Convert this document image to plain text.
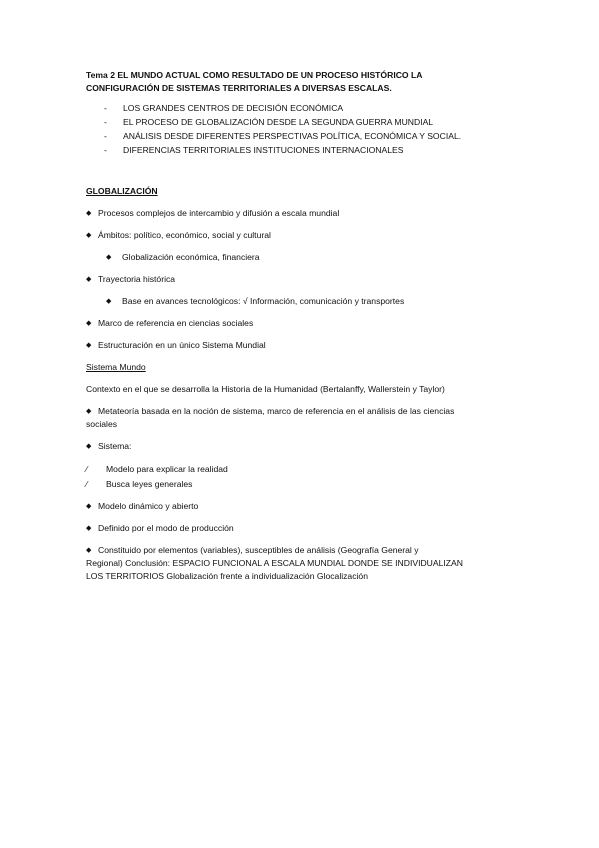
Tema 2 EL MUNDO ACTUAL COMO RESULTADO DE UN PROCESO HISTÓRICO LA
CONFIGURACIÓN DE SISTEMAS TERRITORIALES A DIVERSAS ESCALAS.

-	LOS GRANDES CENTROS DE DECISIÓN ECONÓMICA
-	EL PROCESO DE GLOBALIZACIÓN DESDE LA SEGUNDA GUERRA MUNDIAL
-	ANÁLISIS DESDE DIFERENTES PERSPECTIVAS POLÍTICA, ECONÓMICA Y SOCIAL.
-	DIFERENCIAS TERRITORIALES INSTITUCIONES INTERNACIONALES
GLOBALIZACIÓN
◆ Procesos complejos de intercambio y difusión a escala mundial
◆ Ámbitos: político, económico, social y cultural
◆	Globalización económica, financiera
◆ Trayectoria histórica
◆	Base en avances tecnológicos: √ Información, comunicación y transportes
◆ Marco de referencia en ciencias sociales
◆ Estructuración en un único Sistema Mundial
Sistema Mundo
Contexto en el que se desarrolla la Historia de la Humanidad (Bertalanffy, Wallerstein y Taylor)
◆ Metateoría basada en la noción de sistema, marco de referencia en el análisis de las ciencias
sociales
◆ Sistema:
⁄	Modelo para explicar la realidad
⁄	Busca leyes generales
◆ Modelo dinámico y abierto
◆ Definido por el modo de producción
◆ Constituido por elementos (variables), susceptibles de análisis (Geografía General y
Regional) Conclusión: ESPACIO FUNCIONAL A ESCALA MUNDIAL DONDE SE INDIVIDUALIZAN
LOS TERRITORIOS Globalización frente a individualización Glocalización
